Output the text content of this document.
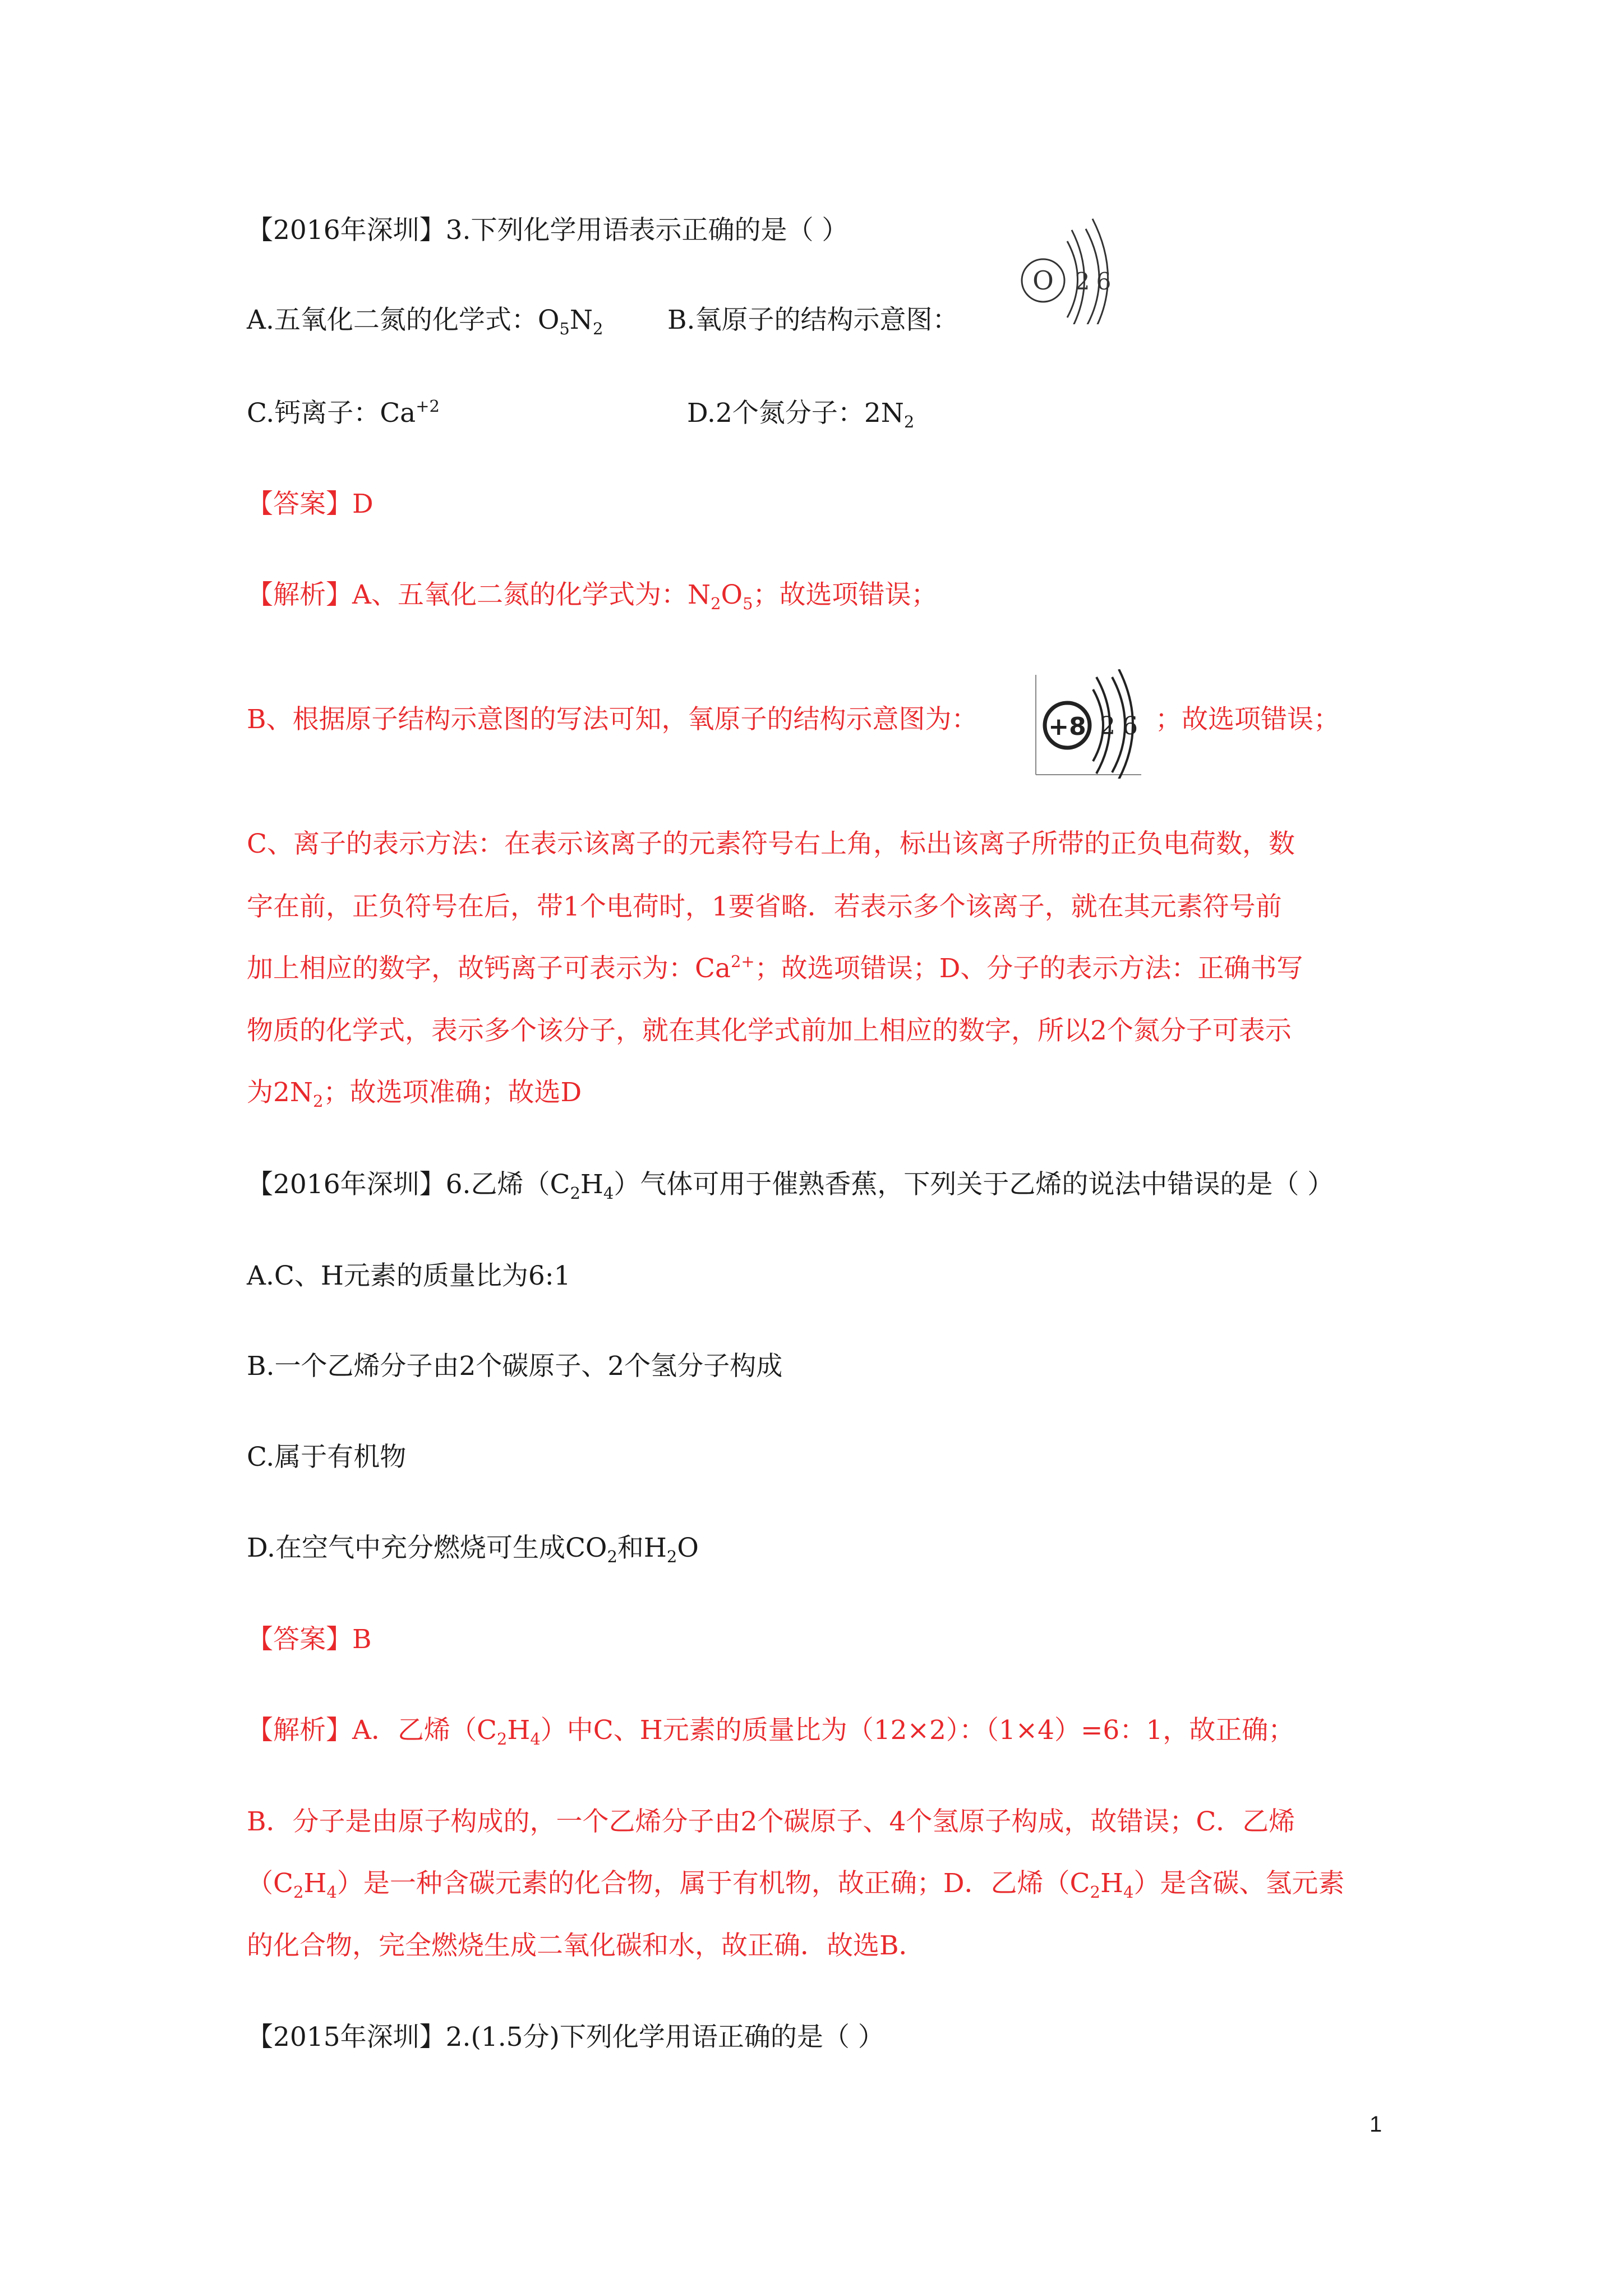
【2016年深圳】3.下列化学用语表示正确的是（ ）
O 2 6
A.五氧化二氮的化学式：$O_5N_2$ B.氧原子的结构示意图：
C.钙离子：$Ca^{+2}$	D.2个氮分子：$2N_2$
【答案】D
【解析】A、五氧化二氮的化学式为：$N_2O_5$；故选项错误；
B、根据原子结构示意图的写法可知，氧原子的结构示意图为：	+8 2 6 ；故选项错误；
C、离子的表示方法：在表示该离子的元素符号右上角，标出该离子所带的正负电荷数，数
字在前，正负符号在后，带1个电荷时，1要省略．若表示多个该离子，就在其元素符号前
加上相应的数字，故钙离子可表示为：$Ca^{2+}$；故选项错误；D、分子的表示方法：正确书写
物质的化学式，表示多个该分子，就在其化学式前加上相应的数字，所以2个氮分子可表示
为$2N_2$；故选项准确；故选D
【2016年深圳】6.乙烯$(C_2H_4)$气体可用于催熟香蕉，下列关于乙烯的说法中错误的是（ ）
A.C、H元素的质量比为6:1
B.一个乙烯分子由2个碳原子、2个氢分子构成
C.属于有机物
D.在空气中充分燃烧可生成$CO_2$和$H_2O$
【答案】B
【解析】A．乙烯$(C_2H_4)$中C、H元素的质量比为（12×2）：（1×4）=6：1，故正确；
B．分子是由原子构成的，一个乙烯分子由2个碳原子、4个氢原子构成，故错误；C．乙烯
$(C_2H_4)$是一种含碳元素的化合物，属于有机物，故正确；D．乙烯$(C_2H_4)$是含碳、氢元素
的化合物，完全燃烧生成二氧化碳和水，故正确．故选B．
【2015年深圳】2.(1.5分)下列化学用语正确的是（ ）
1
